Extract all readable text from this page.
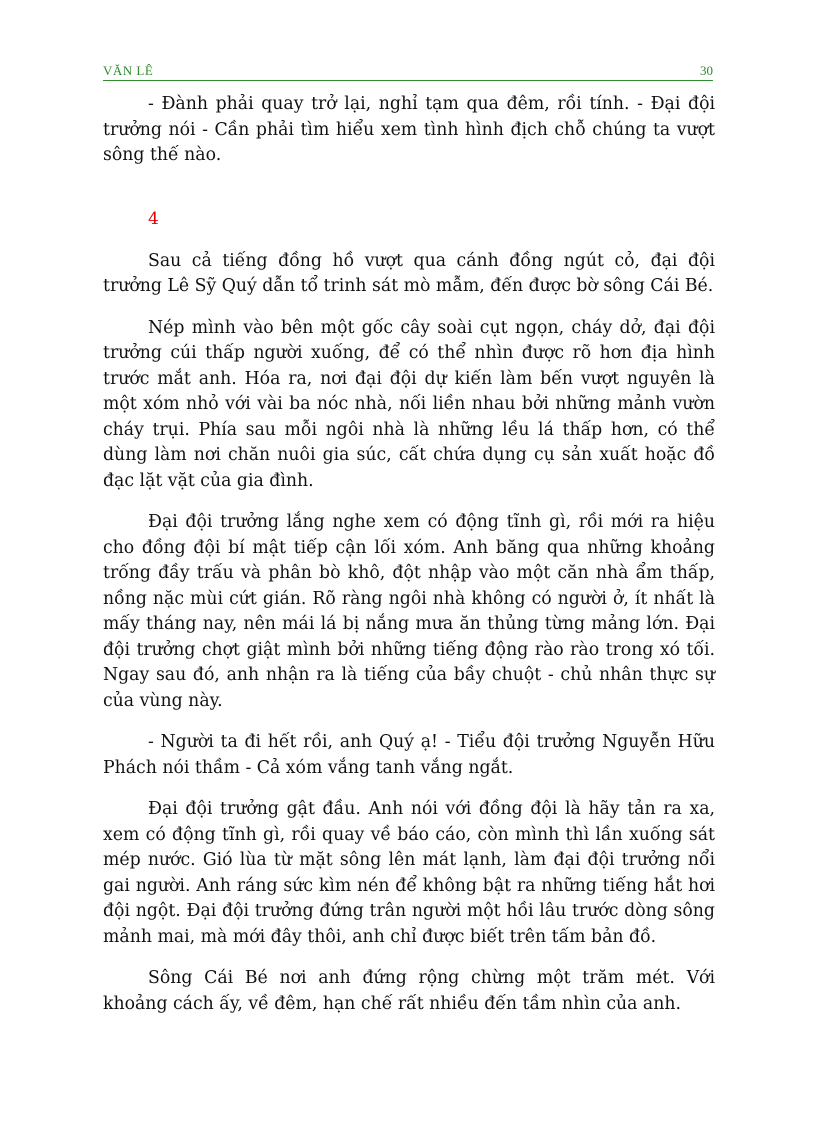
VĂN LÊ	30

- Đành phải quay trở lại, nghỉ tạm qua đêm, rồi tính. - Đại đội trưởng nói - Cần phải tìm hiểu xem tình hình địch chỗ chúng ta vượt sông thế nào.

4

Sau cả tiếng đồng hồ vượt qua cánh đồng ngút cỏ, đại đội trưởng Lê Sỹ Quý dẫn tổ trinh sát mò mẫm, đến được bờ sông Cái Bé.

Nép mình vào bên một gốc cây soài cụt ngọn, cháy dở, đại đội trưởng cúi thấp người xuống, để có thể nhìn được rõ hơn địa hình trước mắt anh. Hóa ra, nơi đại đội dự kiến làm bến vượt nguyên là một xóm nhỏ với vài ba nóc nhà, nối liền nhau bởi những mảnh vườn cháy trụi. Phía sau mỗi ngôi nhà là những lều lá thấp hơn, có thể dùng làm nơi chăn nuôi gia súc, cất chứa dụng cụ sản xuất hoặc đồ đạc lặt vặt của gia đình.

Đại đội trưởng lắng nghe xem có động tĩnh gì, rồi mới ra hiệu cho đồng đội bí mật tiếp cận lối xóm. Anh băng qua những khoảng trống đầy trấu và phân bò khô, đột nhập vào một căn nhà ẩm thấp, nồng nặc mùi cứt gián. Rõ ràng ngôi nhà không có người ở, ít nhất là mấy tháng nay, nên mái lá bị nắng mưa ăn thủng từng mảng lớn. Đại đội trưởng chợt giật mình bởi những tiếng động rào rào trong xó tối. Ngay sau đó, anh nhận ra là tiếng của bầy chuột - chủ nhân thực sự của vùng này.

- Người ta đi hết rồi, anh Quý ạ! - Tiểu đội trưởng Nguyễn Hữu Phách nói thầm - Cả xóm vắng tanh vắng ngắt.

Đại đội trưởng gật đầu. Anh nói với đồng đội là hãy tản ra xa, xem có động tĩnh gì, rồi quay về báo cáo, còn mình thì lần xuống sát mép nước. Gió lùa từ mặt sông lên mát lạnh, làm đại đội trưởng nổi gai người. Anh ráng sức kìm nén để không bật ra những tiếng hắt hơi đội ngột. Đại đội trưởng đứng trân người một hồi lâu trước dòng sông mảnh mai, mà mới đây thôi, anh chỉ được biết trên tấm bản đồ.

Sông Cái Bé nơi anh đứng rộng chừng một trăm mét. Với khoảng cách ấy, về đêm, hạn chế rất nhiều đến tầm nhìn của anh.
